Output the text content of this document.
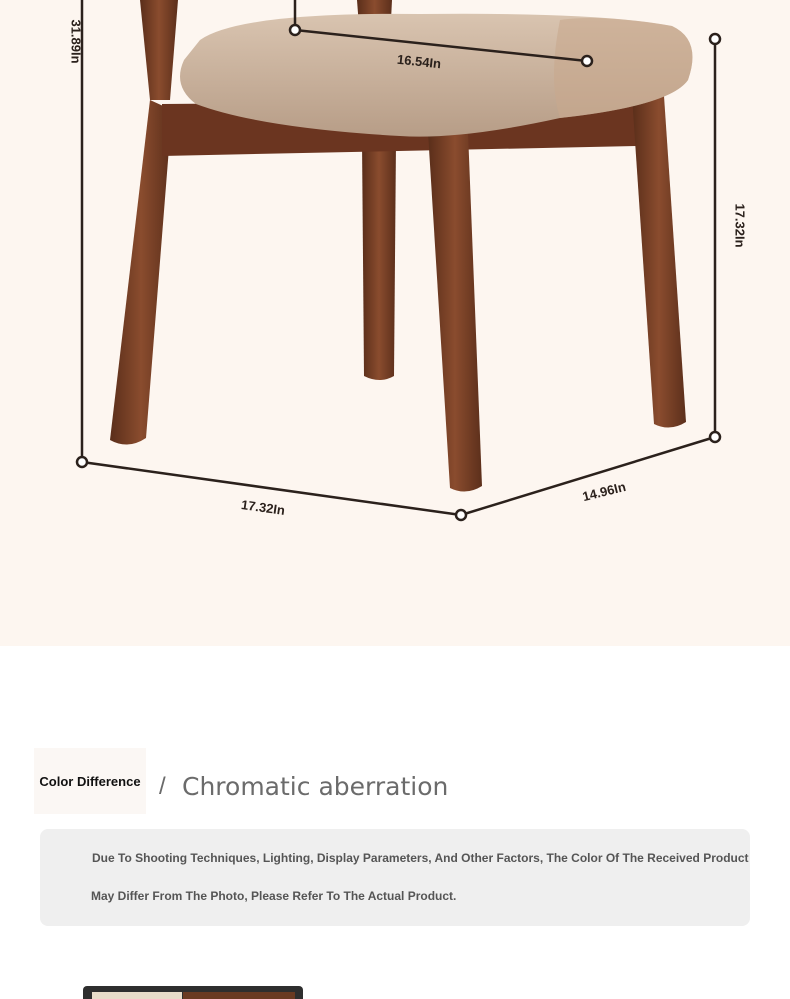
31.89In	16.54In
17.32In
17.32In
14.96In
Color Difference / Chromatic aberration

Due To Shooting Techniques, Lighting, Display Parameters, And Other Factors, The Color Of The Received Product

May Differ From The Photo, Please Refer To The Actual Product.
